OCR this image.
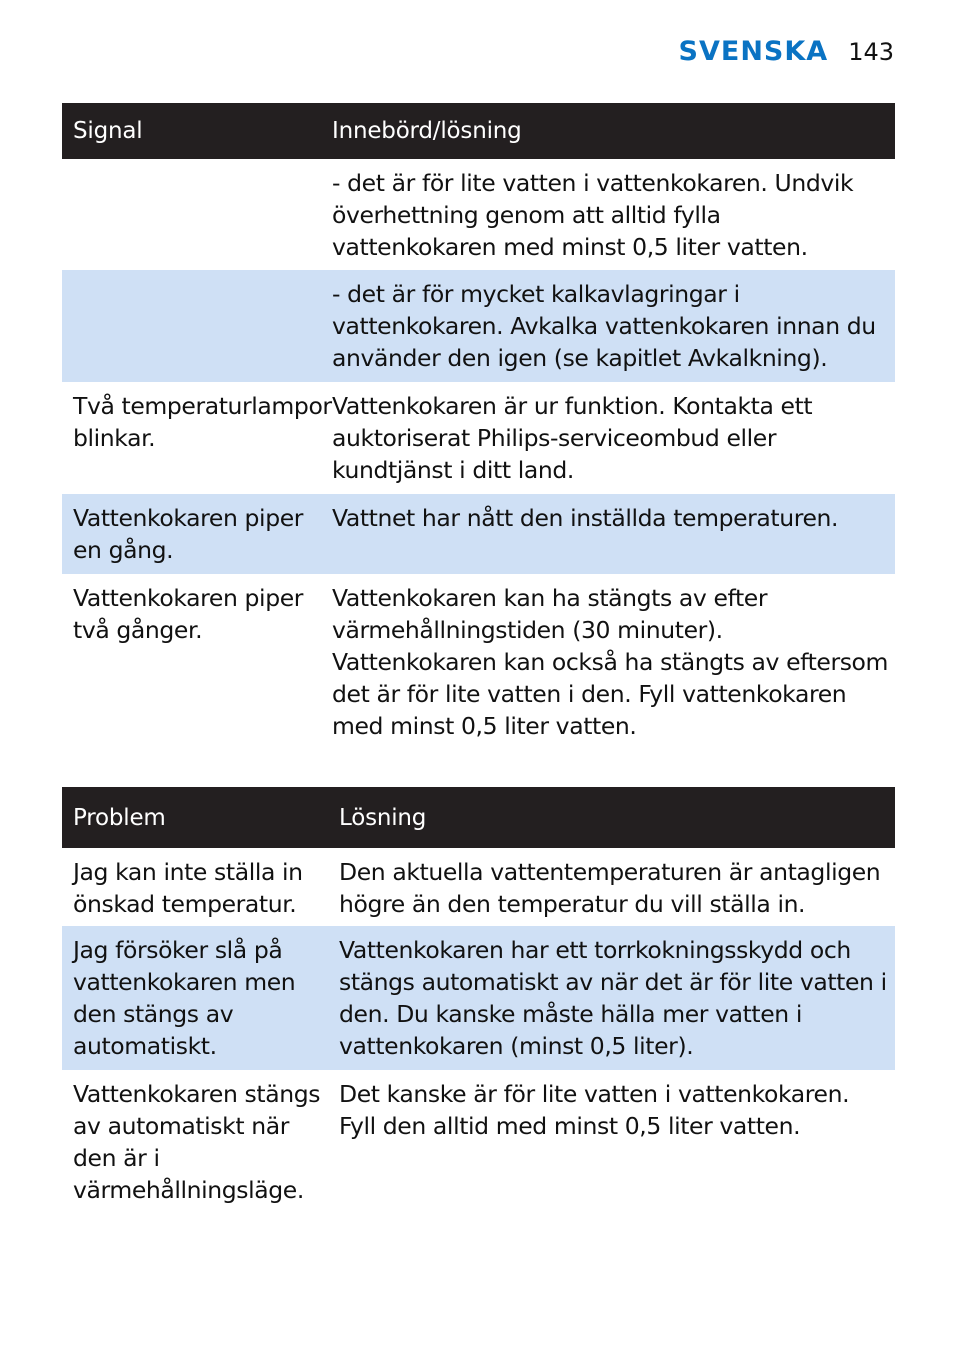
SVENSKA 143
Signal	Innebörd/lösning
- det är för lite vatten i vattenkokaren. Undvik överhettning genom att alltid fylla vattenkokaren med minst 0,5 liter vatten.
- det är för mycket kalkavlagringar i vattenkokaren. Avkalka vattenkokaren innan du använder den igen (se kapitlet Avkalkning).
Två temperaturlampor blinkar.
Vattenkokaren är ur funktion. Kontakta ett auktoriserat Philips-serviceombud eller kundtjänst i ditt land.
Vattenkokaren piper en gång.
Vattnet har nått den inställda temperaturen.
Vattenkokaren piper två gånger.
Vattenkokaren kan ha stängts av efter värmehållningstiden (30 minuter). Vattenkokaren kan också ha stängts av eftersom det är för lite vatten i den. Fyll vattenkokaren med minst 0,5 liter vatten.
Problem	Lösning
Jag kan inte ställa in önskad temperatur.
Den aktuella vattentemperaturen är antagligen högre än den temperatur du vill ställa in.
Jag försöker slå på vattenkokaren men den stängs av automatiskt.
Vattenkokaren har ett torrkokningsskydd och stängs automatiskt av när det är för lite vatten i den. Du kanske måste hälla mer vatten i vattenkokaren (minst 0,5 liter).
Vattenkokaren stängs av automatiskt när den är i värmehållningsläge.
Det kanske är för lite vatten i vattenkokaren. Fyll den alltid med minst 0,5 liter vatten.
